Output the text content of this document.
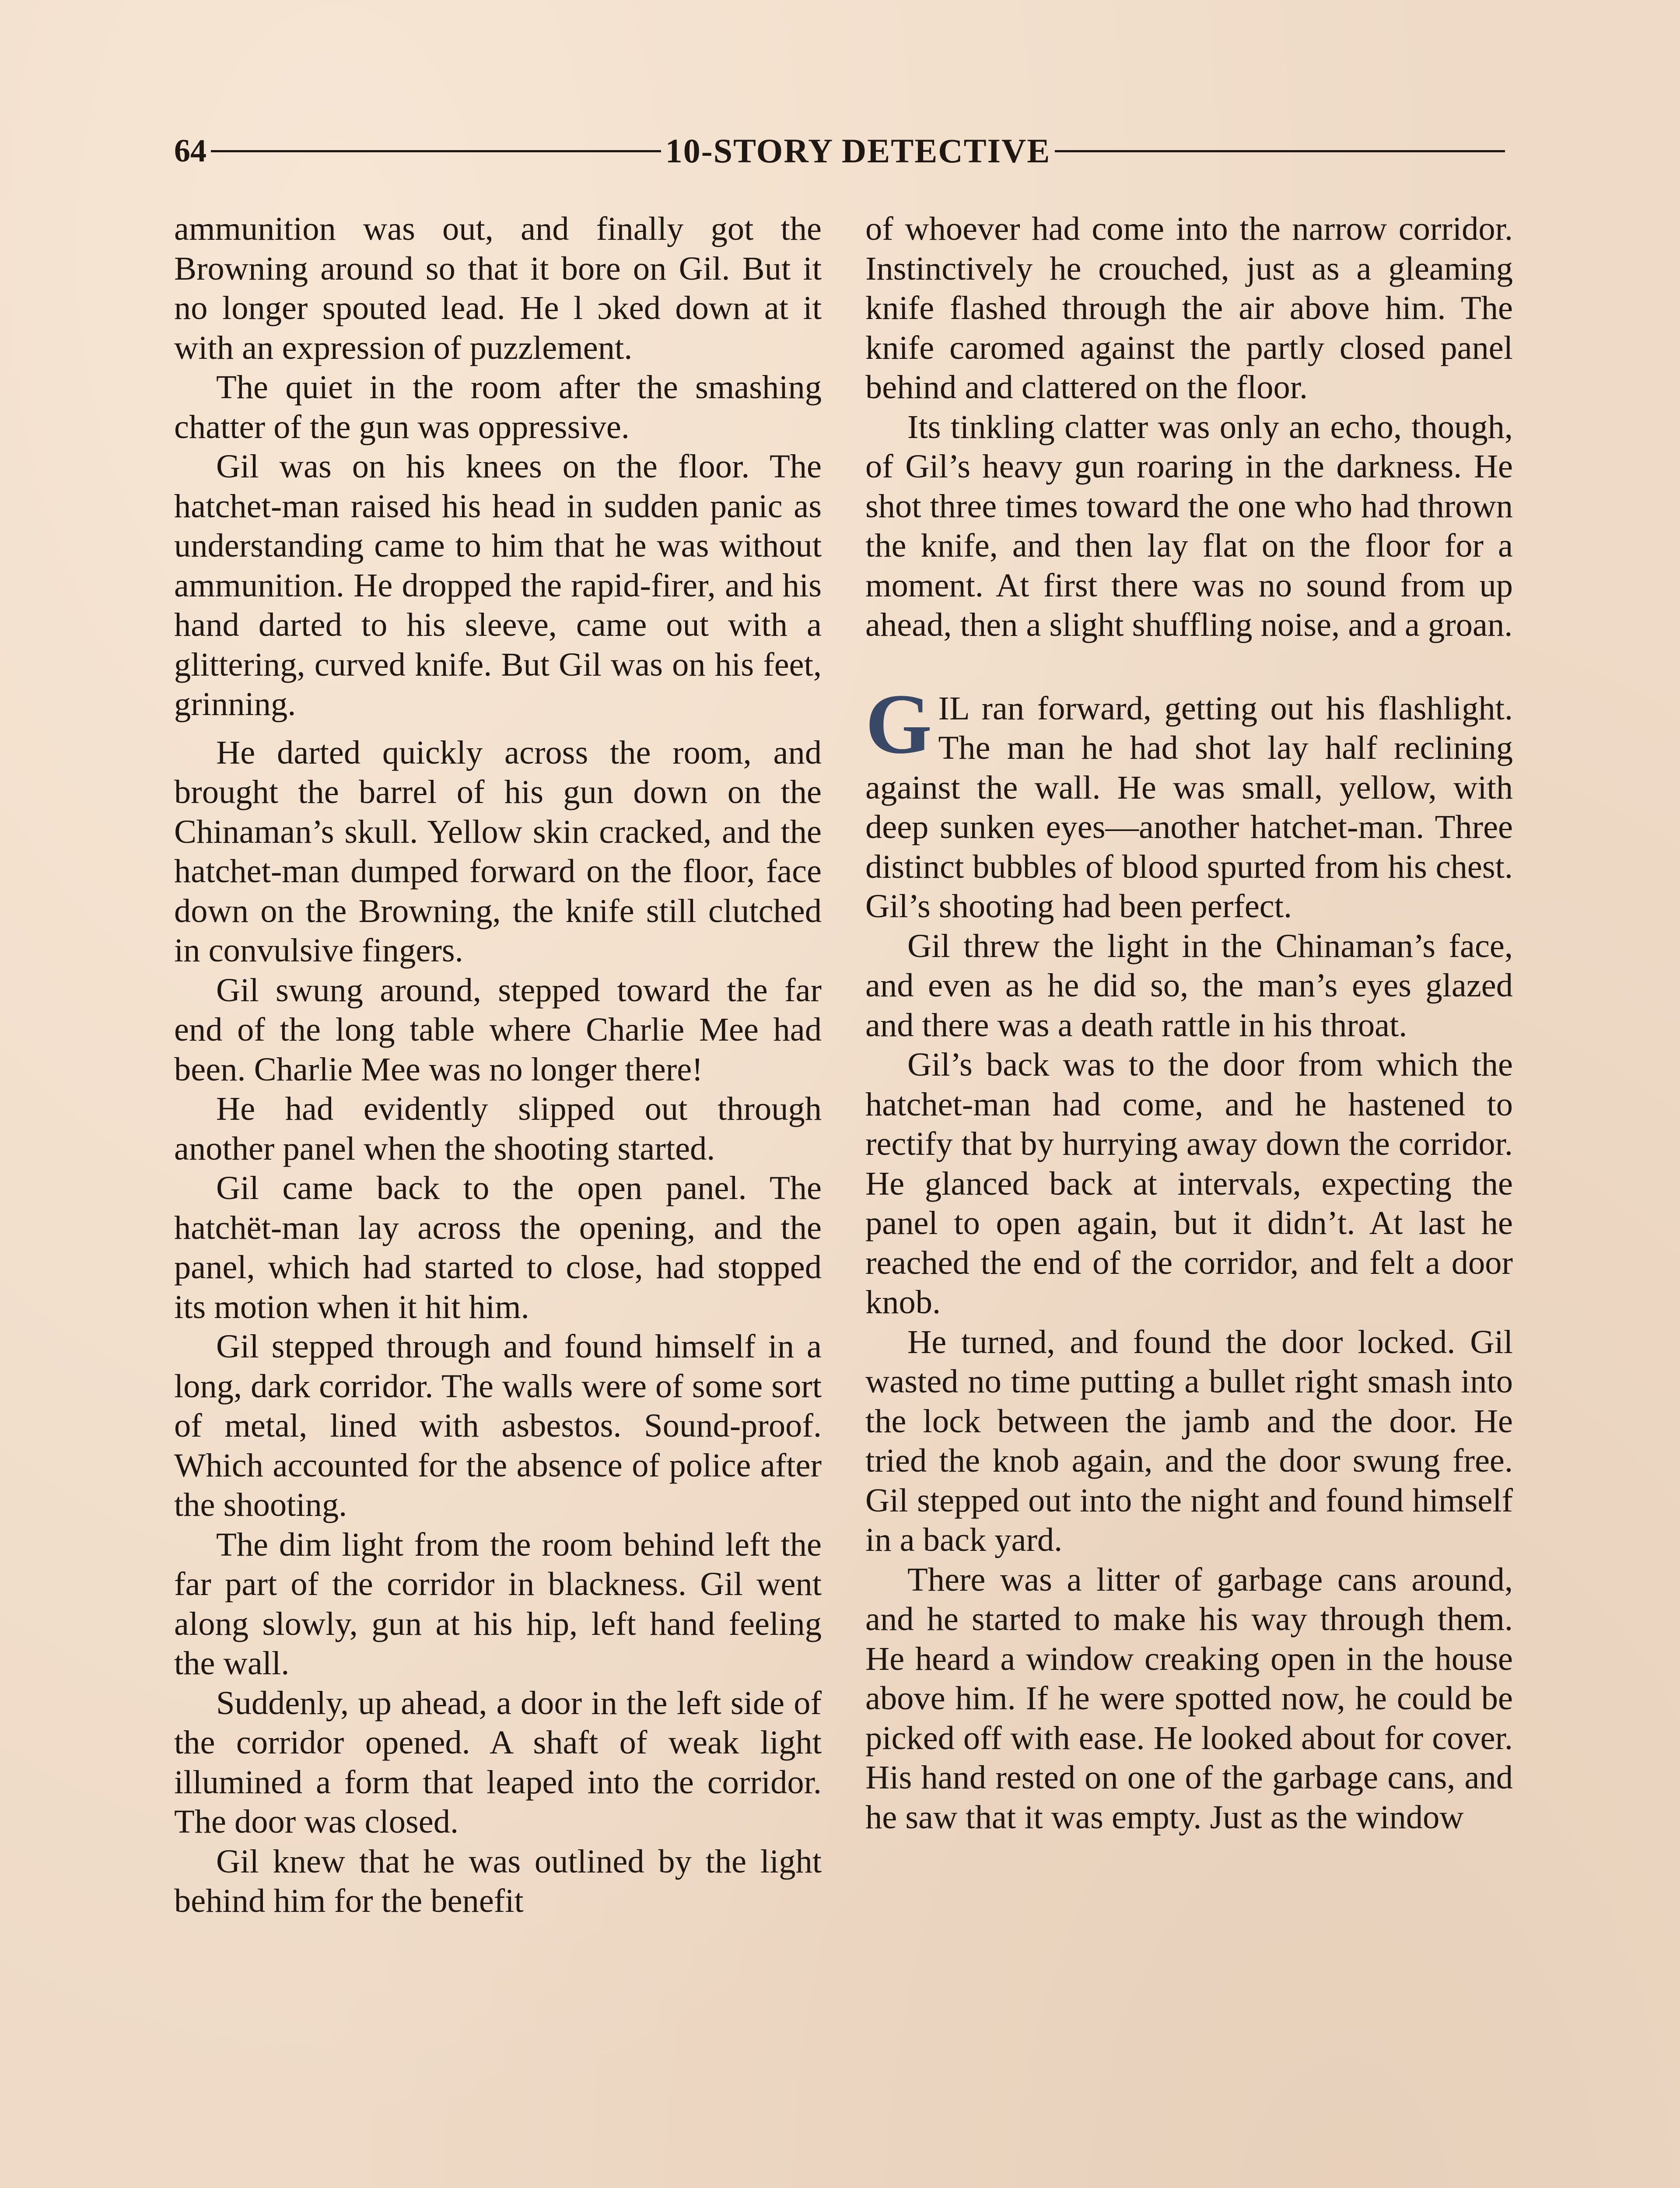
64	10-STORY DETECTIVE

ammunition was out, and finally got the Browning around so that it bore on Gil. But it no longer spouted lead. He l ɔked down at it with an expression of puzzlement.

The quiet in the room after the smashing chatter of the gun was oppressive.

Gil was on his knees on the floor. The hatchet-man raised his head in sudden panic as understanding came to him that he was without ammunition. He dropped the rapid-firer, and his hand darted to his sleeve, came out with a glittering, curved knife. But Gil was on his feet, grinning.

He darted quickly across the room, and brought the barrel of his gun down on the Chinaman’s skull. Yellow skin cracked, and the hatchet-man dumped forward on the floor, face down on the Browning, the knife still clutched in convulsive fingers.

Gil swung around, stepped toward the far end of the long table where Charlie Mee had been. Charlie Mee was no longer there!

He had evidently slipped out through another panel when the shooting started.

Gil came back to the open panel. The hatchët-man lay across the opening, and the panel, which had started to close, had stopped its motion when it hit him.

Gil stepped through and found himself in a long, dark corridor. The walls were of some sort of metal, lined with asbestos. Sound-proof. Which accounted for the absence of police after the shooting.

The dim light from the room behind left the far part of the corridor in blackness. Gil went along slowly, gun at his hip, left hand feeling the wall.

Suddenly, up ahead, a door in the left side of the corridor opened. A shaft of weak light illumined a form that leaped into the corridor. The door was closed.

Gil knew that he was outlined by the light behind him for the benefit

of whoever had come into the narrow corridor. Instinctively he crouched, just as a gleaming knife flashed through the air above him. The knife caromed against the partly closed panel behind and clattered on the floor.

Its tinkling clatter was only an echo, though, of Gil’s heavy gun roaring in the darkness. He shot three times toward the one who had thrown the knife, and then lay flat on the floor for a moment. At first there was no sound from up ahead, then a slight shuffling noise, and a groan.

GIL ran forward, getting out his flashlight. The man he had shot lay half reclining against the wall. He was small, yellow, with deep sunken eyes—another hatchet-man. Three distinct bubbles of blood spurted from his chest. Gil’s shooting had been perfect.

Gil threw the light in the Chinaman’s face, and even as he did so, the man’s eyes glazed and there was a death rattle in his throat.

Gil’s back was to the door from which the hatchet-man had come, and he hastened to rectify that by hurrying away down the corridor. He glanced back at intervals, expecting the panel to open again, but it didn’t. At last he reached the end of the corridor, and felt a door knob.

He turned, and found the door locked. Gil wasted no time putting a bullet right smash into the lock between the jamb and the door. He tried the knob again, and the door swung free. Gil stepped out into the night and found himself in a back yard.

There was a litter of garbage cans around, and he started to make his way through them. He heard a window creaking open in the house above him. If he were spotted now, he could be picked off with ease. He looked about for cover. His hand rested on one of the garbage cans, and he saw that it was empty. Just as the window
